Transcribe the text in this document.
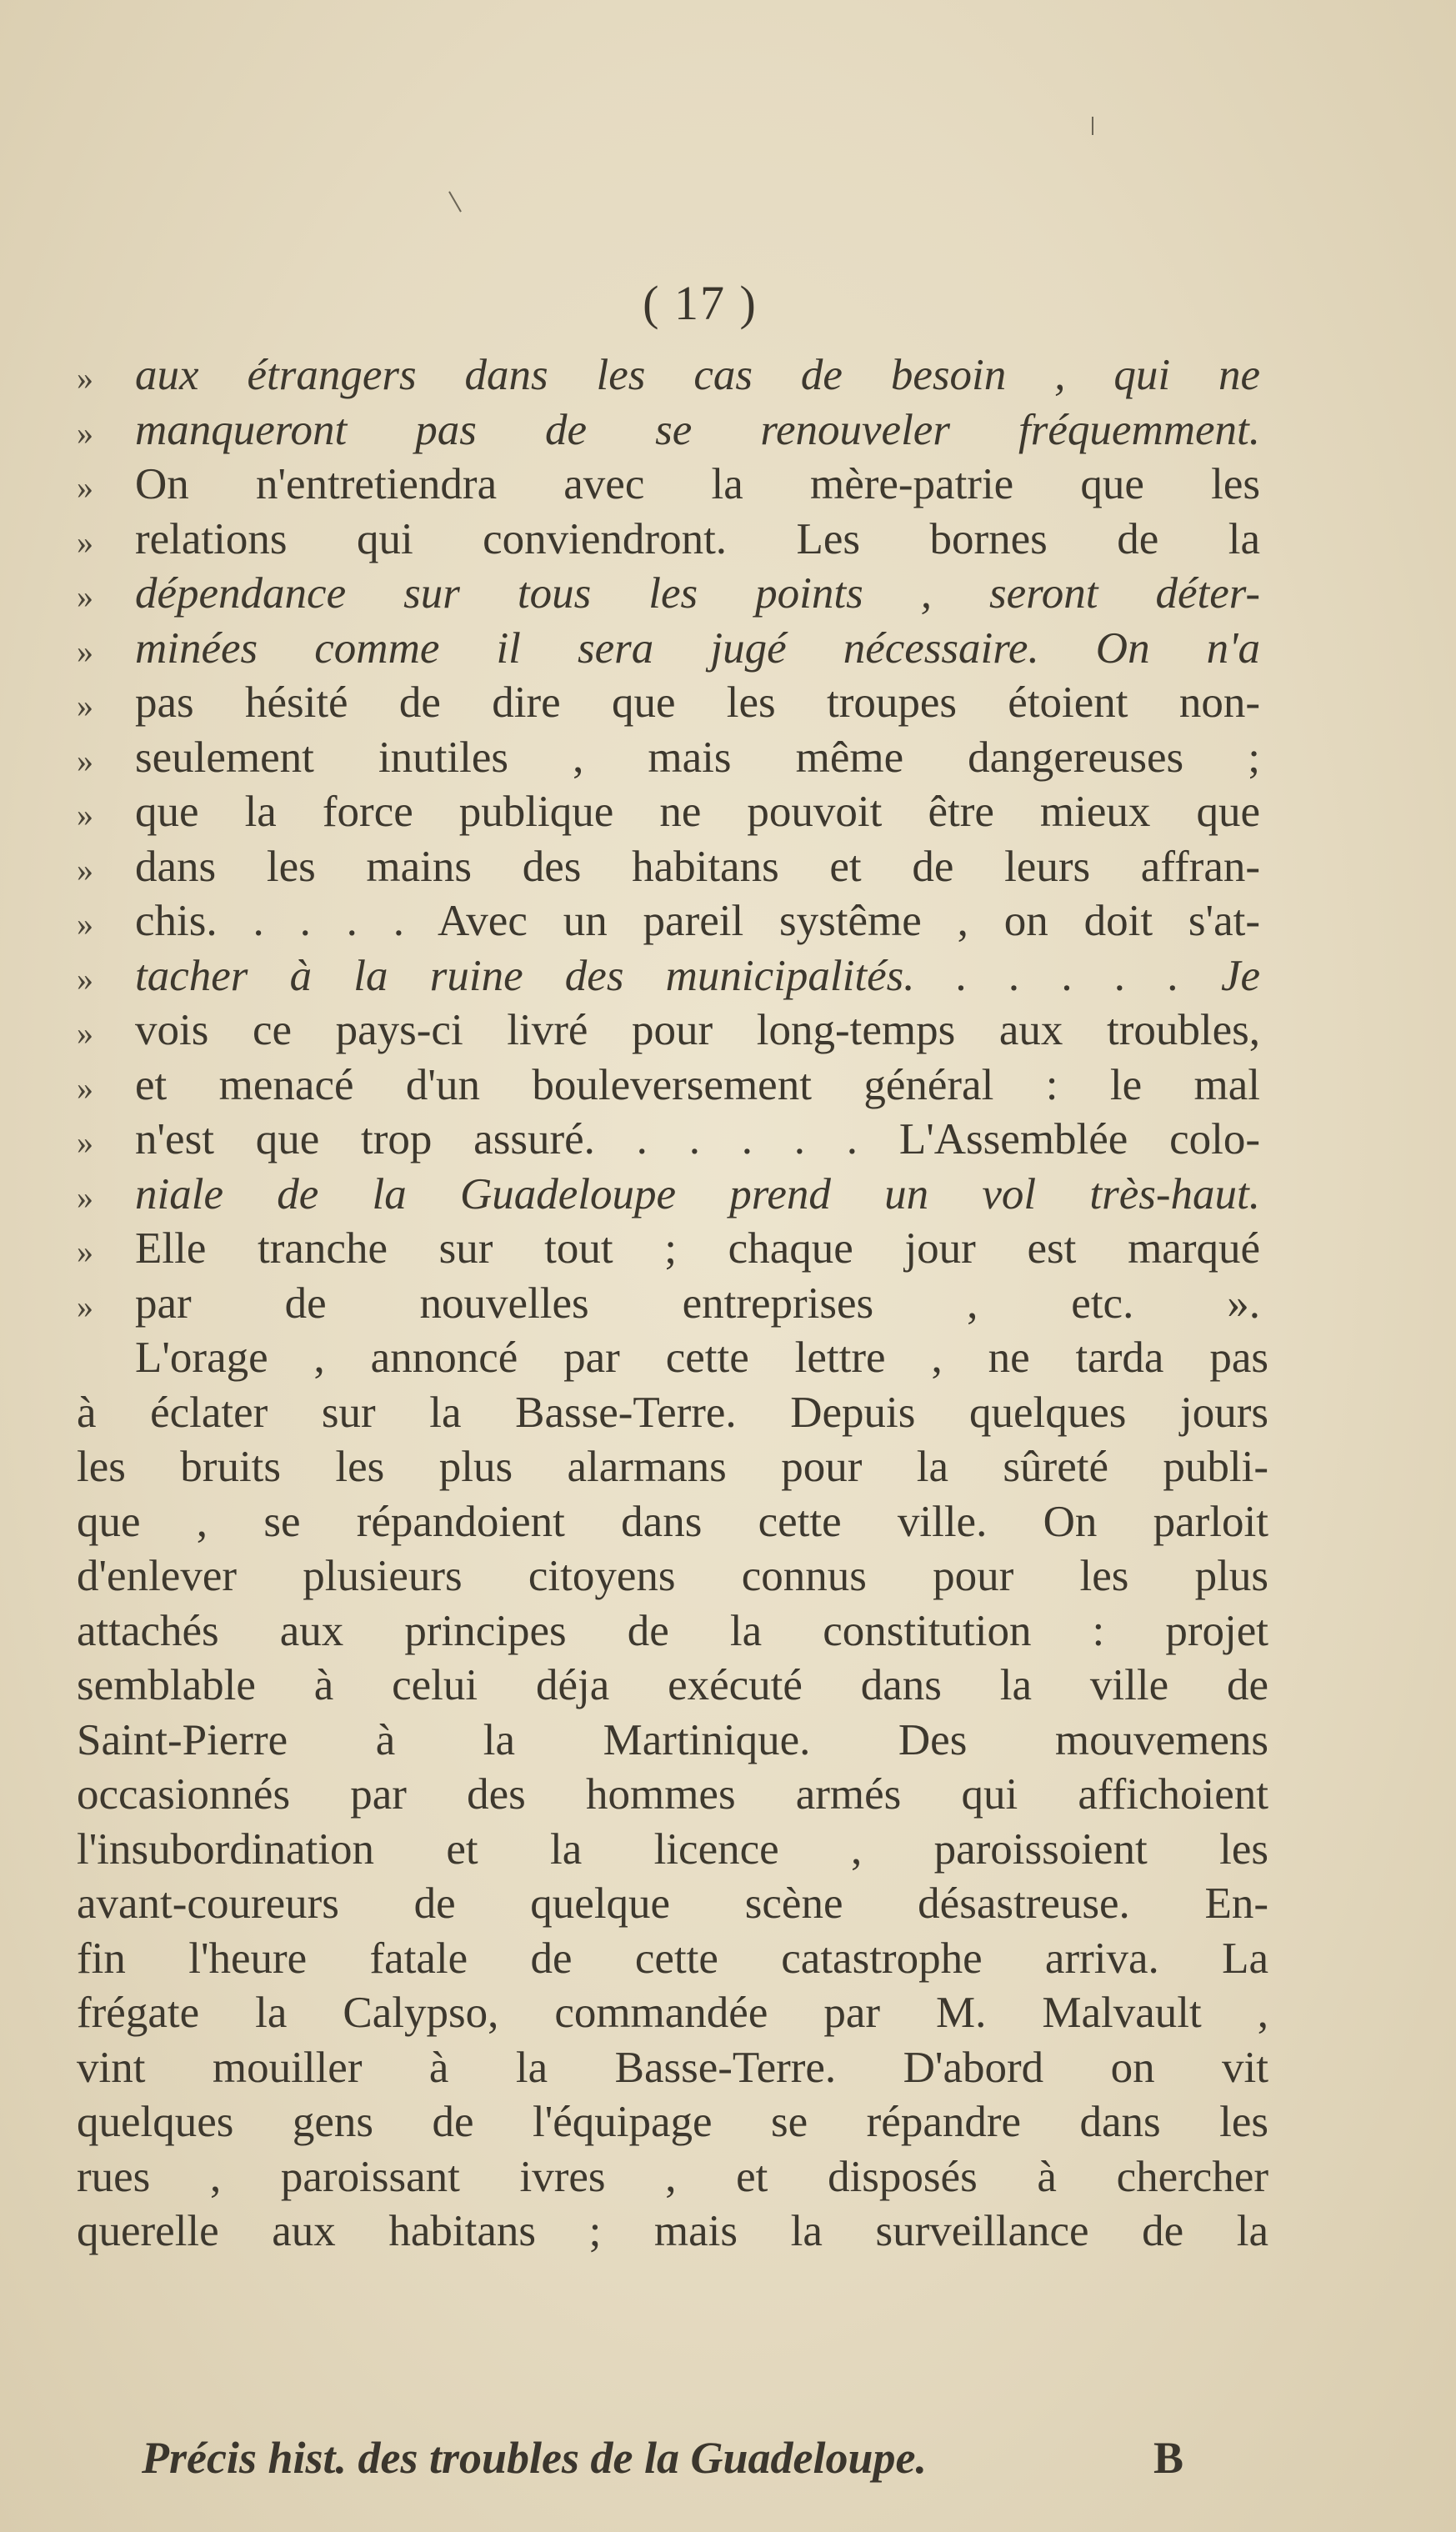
( 17 )
» aux étrangers dans les cas de besoin , qui ne
» manqueront pas de se renouveler fréquemment.
» On n'entretiendra avec la mère-patrie que les
» relations qui conviendront. Les bornes de la
» dépendance sur tous les points , seront déter-
» minées comme il sera jugé nécessaire. On n'a
» pas hésité de dire que les troupes étoient non-
» seulement inutiles , mais même dangereuses ;
» que la force publique ne pouvoit être mieux que
» dans les mains des habitans et de leurs affran-
» chis. . . . . Avec un pareil systême , on doit s'at-
» tacher à la ruine des municipalités. . . . . . Je
» vois ce pays-ci livré pour long-temps aux troubles,
» et menacé d'un bouleversement général : le mal
» n'est que trop assuré. . . . . . L'Assemblée colo-
» niale de la Guadeloupe prend un vol très-haut.
» Elle tranche sur tout ; chaque jour est marqué
» par de nouvelles entreprises , etc. ».
L'orage , annoncé par cette lettre , ne tarda pas
à éclater sur la Basse-Terre. Depuis quelques jours
les bruits les plus alarmans pour la sûreté publi-
que , se répandoient dans cette ville. On parloit
d'enlever plusieurs citoyens connus pour les plus
attachés aux principes de la constitution : projet
semblable à celui déja exécuté dans la ville de
Saint-Pierre à la Martinique. Des mouvemens
occasionnés par des hommes armés qui affichoient
l'insubordination et la licence , paroissoient les
avant-coureurs de quelque scène désastreuse. En-
fin l'heure fatale de cette catastrophe arriva. La
frégate la Calypso, commandée par M. Malvault ,
vint mouiller à la Basse-Terre. D'abord on vit
quelques gens de l'équipage se répandre dans les
rues , paroissant ivres , et disposés à chercher
querelle aux habitans ; mais la surveillance de la
Précis hist. des troubles de la Guadeloupe.	B
